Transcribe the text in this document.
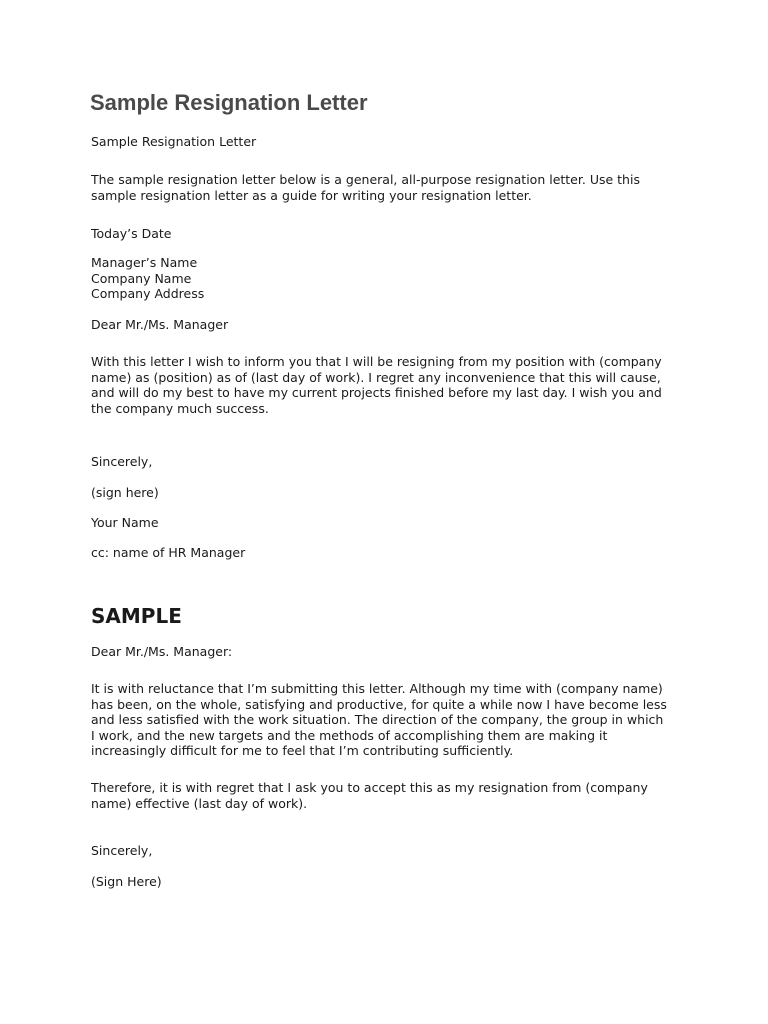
Sample Resignation Letter

Sample Resignation Letter

The sample resignation letter below is a general, all-purpose resignation letter. Use this
sample resignation letter as a guide for writing your resignation letter.

Today’s Date

Manager’s Name
Company Name
Company Address

Dear Mr./Ms. Manager

With this letter I wish to inform you that I will be resigning from my position with (company
name) as (position) as of (last day of work). I regret any inconvenience that this will cause,
and will do my best to have my current projects finished before my last day. I wish you and
the company much success.

Sincerely,

(sign here)

Your Name

cc: name of HR Manager

SAMPLE

Dear Mr./Ms. Manager:

It is with reluctance that I’m submitting this letter. Although my time with (company name)
has been, on the whole, satisfying and productive, for quite a while now I have become less
and less satisfied with the work situation. The direction of the company, the group in which
I work, and the new targets and the methods of accomplishing them are making it
increasingly difficult for me to feel that I’m contributing sufficiently.

Therefore, it is with regret that I ask you to accept this as my resignation from (company
name) effective (last day of work).

Sincerely,

(Sign Here)
